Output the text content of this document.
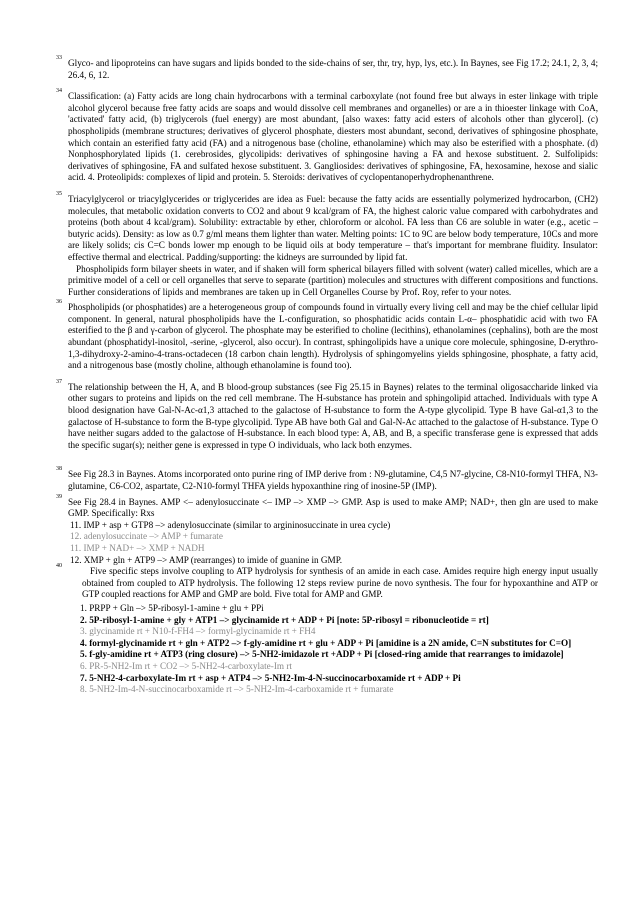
33 Glyco- and lipoproteins can have sugars and lipids bonded to the side-chains of ser, thr, try, hyp, lys, etc.). In Baynes, see Fig 17.2; 24.1, 2, 3, 4; 26.4, 6, 12.

34 Classification: (a) Fatty acids are long chain hydrocarbons with a terminal carboxylate (not found free but always in ester linkage with triple alcohol glycerol because free fatty acids are soaps and would dissolve cell membranes and organelles) or are a in thioester linkage with CoA, 'activated' fatty acid, (b) triglycerols (fuel energy) are most abundant, [also waxes: fatty acid esters of alcohols other than glycerol]. (c) phospholipids (membrane structures; derivatives of glycerol phosphate, diesters most abundant, second, derivatives of sphingosine phosphate, which contain an esterified fatty acid (FA) and a nitrogenous base (choline, ethanolamine) which may also be esterified with a phosphate. (d) Nonphosphorylated lipids (1. cerebrosides, glycolipids: derivatives of sphingosine having a FA and hexose substituent. 2. Sulfolipids: derivatives of sphingosine, FA and sulfated hexose substituent. 3. Gangliosides: derivatives of sphingosine, FA, hexosamine, hexose and sialic acid. 4. Proteolipids: complexes of lipid and protein. 5. Steroids: derivatives of cyclopentanoperhydrophenanthrene.

35 Triacylglycerol or triacylglycerides or triglycerides are idea as Fuel: because the fatty acids are essentially polymerized hydrocarbon, (CH2) molecules, that metabolic oxidation converts to CO2 and about 9 kcal/gram of FA, the highest caloric value compared with carbohydrates and proteins (both about 4 kcal/gram). Solubility: extractable by ether, chloroform or alcohol. FA less than C6 are soluble in water (e.g., acetic – butyric acids). Density: as low as 0.7 g/ml means them lighter than water. Melting points: 1C to 9C are below body temperature, 10Cs and more are likely solids; cis C=C bonds lower mp enough to be liquid oils at body temperature – that's important for membrane fluidity. Insulator: effective thermal and electrical. Padding/supporting: the kidneys are surrounded by lipid fat.

Phospholipids form bilayer sheets in water, and if shaken will form spherical bilayers filled with solvent (water) called micelles, which are a primitive model of a cell or cell organelles that serve to separate (partition) molecules and structures with different compositions and functions. Further considerations of lipids and membranes are taken up in Cell Organelles Course by Prof. Roy, refer to your notes.

36 Phospholipids (or phosphatides) are a heterogeneous group of compounds found in virtually every living cell and may be the chief cellular lipid component. In general, natural phospholipids have the L-configuration, so phosphatidic acids contain L-α– phosphatidic acid with two FA esterified to the β and γ-carbon of glycerol. The phosphate may be esterified to choline (lecithins), ethanolamines (cephalins), both are the most abundant (phosphatidyl-inositol, -serine, -glycerol, also occur). In contrast, sphingolipids have a unique core molecule, sphingosine, D-erythro-1,3-dihydroxy-2-amino-4-trans-octadecen (18 carbon chain length). Hydrolysis of sphingomyelins yields sphingosine, phosphate, a fatty acid, and a nitrogenous base (mostly choline, although ethanolamine is found too).

37 The relationship between the H, A, and B blood-group substances (see Fig 25.15 in Baynes) relates to the terminal oligosaccharide linked via other sugars to proteins and lipids on the red cell membrane. The H-substance has protein and sphingolipid attached. Individuals with type A blood designation have Gal-N-Ac-α1,3 attached to the galactose of H-substance to form the A-type glycolipid. Type B have Gal-α1,3 to the galactose of H-substance to form the B-type glycolipid. Type AB have both Gal and Gal-N-Ac attached to the galactose of H-substance. Type O have neither sugars added to the galactose of H-substance. In each blood type: A, AB, and B, a specific transferase gene is expressed that adds the specific sugar(s); neither gene is expressed in type O individuals, who lack both enzymes.

38 See Fig 28.3 in Baynes. Atoms incorporated onto purine ring of IMP derive from : N9-glutamine, C4,5 N7-glycine, C8-N10-formyl THFA, N3-glutamine, C6-CO2, aspartate, C2-N10-formyl THFA yields hypoxanthine ring of inosine-5P (IMP).

39 See Fig 28.4 in Baynes. AMP <– adenylosuccinate <– IMP –> XMP –> GMP. Asp is used to make AMP; NAD+, then gln are used to make GMP. Specifically: Rxs

11. IMP + asp + GTP8 –> adenylosuccinate (similar to argininosuccinate in urea cycle)

12. adenylosuccinate –> AMP + fumarate

11. IMP + NAD+ –> XMP + NADH

12. XMP + gln + ATP9 –> AMP (rearranges) to imide of guanine in GMP.

40	Five specific steps involve coupling to ATP hydrolysis for synthesis of an amide in each case. Amides require high energy input usually obtained from coupled to ATP hydrolysis. The following 12 steps review purine de novo synthesis. The four for hypoxanthine and ATP or GTP coupled reactions for AMP and GMP are bold. Five total for AMP and GMP.

1. PRPP + Gln –> 5P-ribosyl-1-amine + glu + PPi

2. 5P-ribosyl-1-amine + gly + ATP1 –> glycinamide rt + ADP + Pi [note: 5P-ribosyl = ribonucleotide = rt]

3. glycinamide rt + N10-f-FH4 –> formyl-glycinamide rt + FH4

4. formyl-glycinamide rt + gln + ATP2 –> f-gly-amidine rt + glu + ADP + Pi [amidine is a 2N amide, C=N substitutes for C=O]

5. f-gly-amidine rt + ATP3 (ring closure) –> 5-NH2-imidazole rt +ADP + Pi [closed-ring amide that rearranges to imidazole]

6. PR-5-NH2-Im rt + CO2 –> 5-NH2-4-carboxylate-Im rt

7. 5-NH2-4-carboxylate-Im rt + asp + ATP4 –> 5-NH2-Im-4-N-succinocarboxamide rt + ADP + Pi

8. 5-NH2-Im-4-N-succinocarboxamide rt –> 5-NH2-Im-4-carboxamide rt + fumarate
